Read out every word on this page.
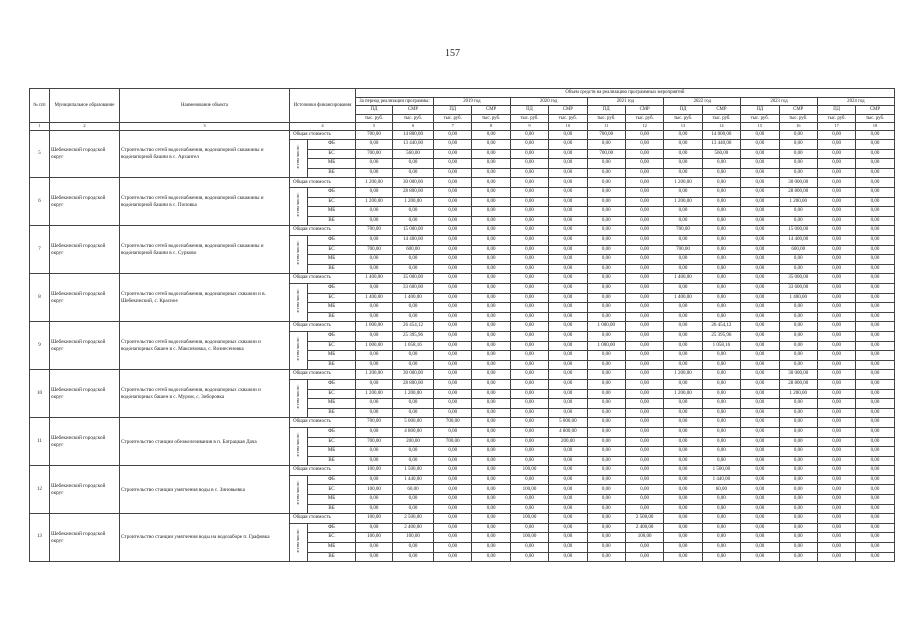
157
№ п/п	Муниципальное образование	Наименование объекта	Источники финансирования		Объем средств на реализацию программных мероприятий													
					За период реализации программы:		2019 год		2020 год		2021 год		2022 год		2023 год		2024 год	
					ПД	СМР	ПД	СМР	ПД	СМР	ПД	СМР	ПД	СМР	ПД	СМР	ПД	СМР
					тыс. руб.	тыс. руб.	тыс. руб.	тыс. руб.	тыс. руб.	тыс. руб.	тыс. руб.	тыс. руб.	тыс. руб.	тыс. руб.	тыс. руб.	тыс. руб.	тыс. руб.	тыс. руб.
1	2	3	4		5	6	7	8	9	10	11	12	13	14	15	16	17	18
5	Шебекинский городской округ	Строительство сетей водоснабжения, водонапорной скважины и водонапорной башни в с. Архангел	Общая стоимость		700,00	14 800,00	0,00	0,00	0,00	0,00	700,00	0,00	0,00	14 000,00	0,00	0,00	0,00	0,00
			в том числе:	ФБ	0,00	13 440,00	0,00	0,00	0,00	0,00	0,00	0,00	0,00	13 440,00	0,00	0,00	0,00	0,00
				БС	700,00	560,00	0,00	0,00	0,00	0,00	700,00	0,00	0,00	560,00	0,00	0,00	0,00	0,00
				МБ	0,00	0,00	0,00	0,00	0,00	0,00	0,00	0,00	0,00	0,00	0,00	0,00	0,00	0,00
				ВБ	0,00	0,00	0,00	0,00	0,00	0,00	0,00	0,00	0,00	0,00	0,00	0,00	0,00	0,00
6	Шебекинский городской округ	Строительство сетей водоснабжения, водонапорной скважины и водонапорной башни в с. Поповка	Общая стоимость		1 200,00	30 000,00	0,00	0,00	0,00	0,00	0,00	0,00	1 200,00	0,00	0,00	30 000,00	0,00	0,00
			в том числе:	ФБ	0,00	28 800,00	0,00	0,00	0,00	0,00	0,00	0,00	0,00	0,00	0,00	28 800,00	0,00	0,00
				БС	1 200,00	1 200,00	0,00	0,00	0,00	0,00	0,00	0,00	1 200,00	0,00	0,00	1 200,00	0,00	0,00
				МБ	0,00	0,00	0,00	0,00	0,00	0,00	0,00	0,00	0,00	0,00	0,00	0,00	0,00	0,00
				ВБ	0,00	0,00	0,00	0,00	0,00	0,00	0,00	0,00	0,00	0,00	0,00	0,00	0,00	0,00
7	Шебекинский городской округ	Строительство сетей водоснабжения, водонапорной скважины и водонапорной башни в с. Сурково	Общая стоимость		700,00	15 000,00	0,00	0,00	0,00	0,00	0,00	0,00	700,00	0,00	0,00	15 000,00	0,00	0,00
			в том числе:	ФБ	0,00	14 400,00	0,00	0,00	0,00	0,00	0,00	0,00	0,00	0,00	0,00	14 400,00	0,00	0,00
				БС	700,00	600,00	0,00	0,00	0,00	0,00	0,00	0,00	700,00	0,00	0,00	600,00	0,00	0,00
				МБ	0,00	0,00	0,00	0,00	0,00	0,00	0,00	0,00	0,00	0,00	0,00	0,00	0,00	0,00
				ВБ	0,00	0,00	0,00	0,00	0,00	0,00	0,00	0,00	0,00	0,00	0,00	0,00	0,00	0,00
8	Шебекинский городской округ	Строительство сетей водоснабжения, водонапорных скважин и в. Шебекинский, с. Красное	Общая стоимость		1 400,00	35 000,00	0,00	0,00	0,00	0,00	0,00	0,00	1 400,00	0,00	0,00	35 000,00	0,00	0,00
			в том числе:	ФБ	0,00	33 600,00	0,00	0,00	0,00	0,00	0,00	0,00	0,00	0,00	0,00	33 600,00	0,00	0,00
				БС	1 400,00	1 400,00	0,00	0,00	0,00	0,00	0,00	0,00	1 400,00	0,00	0,00	1 400,00	0,00	0,00
				МБ	0,00	0,00	0,00	0,00	0,00	0,00	0,00	0,00	0,00	0,00	0,00	0,00	0,00	0,00
				ВБ	0,00	0,00	0,00	0,00	0,00	0,00	0,00	0,00	0,00	0,00	0,00	0,00	0,00	0,00
9	Шебекинский городской округ	Строительство сетей водоснабжения, водонапорных скважин и водонапорных башен в с. Максимовка, с. Вознесеновка	Общая стоимость		1 000,00	26 454,12	0,00	0,00	0,00	0,00	1 000,00	0,00	0,00	26 454,12	0,00	0,00	0,00	0,00
			в том числе:	ФБ	0,00	25 395,96	0,00	0,00	0,00	0,00	0,00	0,00	0,00	25 395,96	0,00	0,00	0,00	0,00
				БС	1 000,00	1 058,16	0,00	0,00	0,00	0,00	1 000,00	0,00	0,00	1 058,16	0,00	0,00	0,00	0,00
				МБ	0,00	0,00	0,00	0,00	0,00	0,00	0,00	0,00	0,00	0,00	0,00	0,00	0,00	0,00
				ВБ	0,00	0,00	0,00	0,00	0,00	0,00	0,00	0,00	0,00	0,00	0,00	0,00	0,00	0,00
10	Шебекинский городской округ	Строительство сетей водоснабжения, водонапорных скважин и водонапорных башен в с. Муром, с. Зиборовка	Общая стоимость		1 200,00	30 000,00	0,00	0,00	0,00	0,00	0,00	0,00	1 200,00	0,00	0,00	30 000,00	0,00	0,00
			в том числе:	ФБ	0,00	28 800,00	0,00	0,00	0,00	0,00	0,00	0,00	0,00	0,00	0,00	28 800,00	0,00	0,00
				БС	1 200,00	1 200,00	0,00	0,00	0,00	0,00	0,00	0,00	1 200,00	0,00	0,00	1 200,00	0,00	0,00
				МБ	0,00	0,00	0,00	0,00	0,00	0,00	0,00	0,00	0,00	0,00	0,00	0,00	0,00	0,00
				ВБ	0,00	0,00	0,00	0,00	0,00	0,00	0,00	0,00	0,00	0,00	0,00	0,00	0,00	0,00
11	Шебекинский городской округ	Строительство станции обезжелезивания в п. Батрацкая Дача	Общая стоимость		700,00	5 000,00	700,00	0,00	0,00	5 000,00	0,00	0,00	0,00	0,00	0,00	0,00	0,00	0,00
			в том числе:	ФБ	0,00	4 800,00	0,00	0,00	0,00	4 800,00	0,00	0,00	0,00	0,00	0,00	0,00	0,00	0,00
				БС	700,00	200,00	700,00	0,00	0,00	200,00	0,00	0,00	0,00	0,00	0,00	0,00	0,00	0,00
				МБ	0,00	0,00	0,00	0,00	0,00	0,00	0,00	0,00	0,00	0,00	0,00	0,00	0,00	0,00
				ВБ	0,00	0,00	0,00	0,00	0,00	0,00	0,00	0,00	0,00	0,00	0,00	0,00	0,00	0,00
12	Шебекинский городской округ	Строительство станции умягчения воды в с. Зиновьевка	Общая стоимость		100,00	1 500,00	0,00	0,00	100,00	0,00	0,00	0,00	0,00	1 500,00	0,00	0,00	0,00	0,00
			в том числе:	ФБ	0,00	1 440,00	0,00	0,00	0,00	0,00	0,00	0,00	0,00	1 440,00	0,00	0,00	0,00	0,00
				БС	100,00	60,00	0,00	0,00	100,00	0,00	0,00	0,00	0,00	60,00	0,00	0,00	0,00	0,00
				МБ	0,00	0,00	0,00	0,00	0,00	0,00	0,00	0,00	0,00	0,00	0,00	0,00	0,00	0,00
				ВБ	0,00	0,00	0,00	0,00	0,00	0,00	0,00	0,00	0,00	0,00	0,00	0,00	0,00	0,00
13	Шебекинский городской округ	Строительство станции умягчения воды на водозаборе п. Графовка	Общая стоимость		100,00	2 500,00	0,00	0,00	100,00	0,00	0,00	2 500,00	0,00	0,00	0,00	0,00	0,00	0,00
			в том числе:	ФБ	0,00	2 400,00	0,00	0,00	0,00	0,00	0,00	2 400,00	0,00	0,00	0,00	0,00	0,00	0,00
				БС	100,00	100,00	0,00	0,00	100,00	0,00	0,00	100,00	0,00	0,00	0,00	0,00	0,00	0,00
				МБ	0,00	0,00	0,00	0,00	0,00	0,00	0,00	0,00	0,00	0,00	0,00	0,00	0,00	0,00
				ВБ	0,00	0,00	0,00	0,00	0,00	0,00	0,00	0,00	0,00	0,00	0,00	0,00	0,00	0,00
